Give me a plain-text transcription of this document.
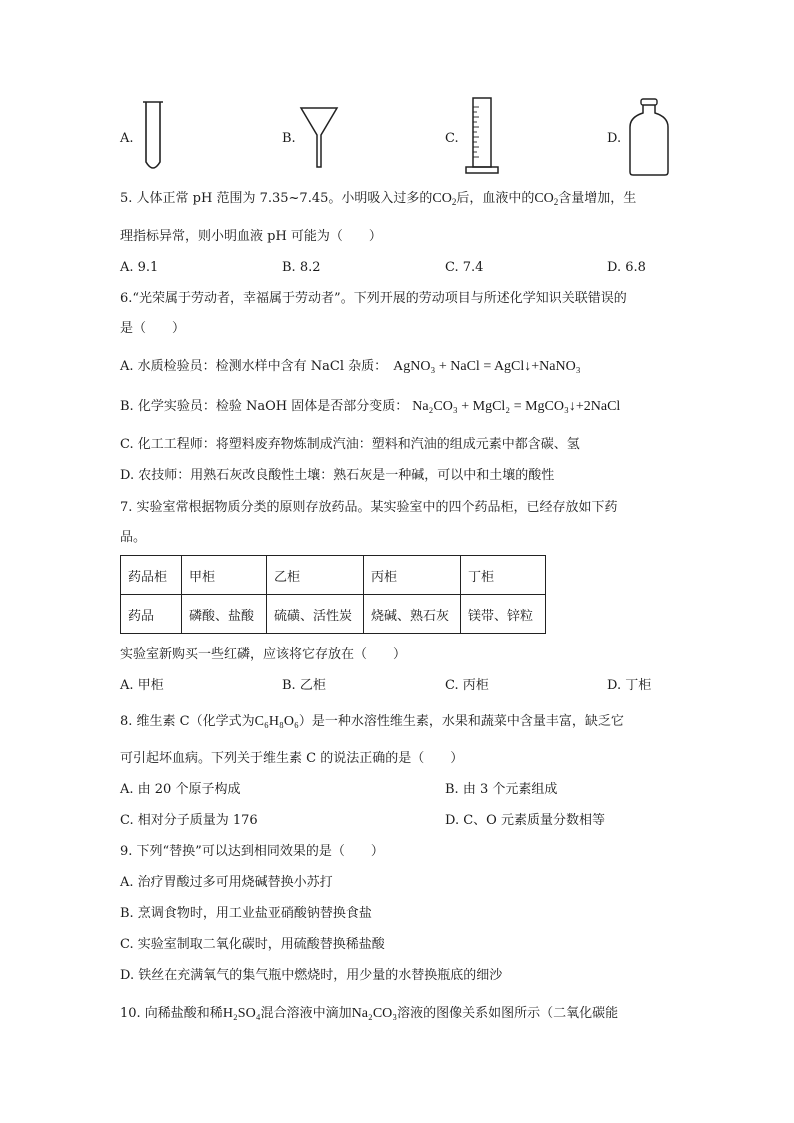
A.	B.	C.	D.
5. 人体正常 pH 范围为 7.35~7.45。小明吸入过多的$CO_2$后，血液中的$CO_2$含量增加，生
理指标异常，则小明血液 pH 可能为（　　）
A. 9.1	B. 8.2	C. 7.4	D. 6.8
6.“光荣属于劳动者，幸福属于劳动者”。下列开展的劳动项目与所述化学知识关联错误的
是（　　）
A. 水质检验员：检测水样中含有 NaCl 杂质： AgNO₃ + NaCl = AgCl↓+NaNO₃
B. 化学实验员：检验 NaOH 固体是否部分变质： Na₂CO₃ + MgCl₂ = MgCO₃↓+2NaCl
C. 化工工程师：将塑料废弃物炼制成汽油：塑料和汽油的组成元素中都含碳、氢
D. 农技师：用熟石灰改良酸性土壤：熟石灰是一种碱，可以中和土壤的酸性
7. 实验室常根据物质分类的原则存放药品。某实验室中的四个药品柜，已经存放如下药
品。
药品柜	甲柜	乙柜	丙柜	丁柜
药品	磷酸、盐酸	硫磺、活性炭	烧碱、熟石灰	镁带、锌粒
实验室新购买一些红磷，应该将它存放在（　　）
A. 甲柜	B. 乙柜	C. 丙柜	D. 丁柜
8. 维生素 C（化学式为C₆H₈O₆）是一种水溶性维生素，水果和蔬菜中含量丰富，缺乏它
可引起坏血病。下列关于维生素 C 的说法正确的是（　　）
A. 由 20 个原子构成	B. 由 3 个元素组成
C. 相对分子质量为 176	D. C、O 元素质量分数相等
9. 下列“替换”可以达到相同效果的是（　　）
A. 治疗胃酸过多可用烧碱替换小苏打
B. 烹调食物时，用工业盐亚硝酸钠替换食盐
C. 实验室制取二氧化碳时，用硫酸替换稀盐酸
D. 铁丝在充满氧气的集气瓶中燃烧时，用少量的水替换瓶底的细沙
10. 向稀盐酸和稀H₂SO₄混合溶液中滴加Na₂CO₃溶液的图像关系如图所示（二氧化碳能
